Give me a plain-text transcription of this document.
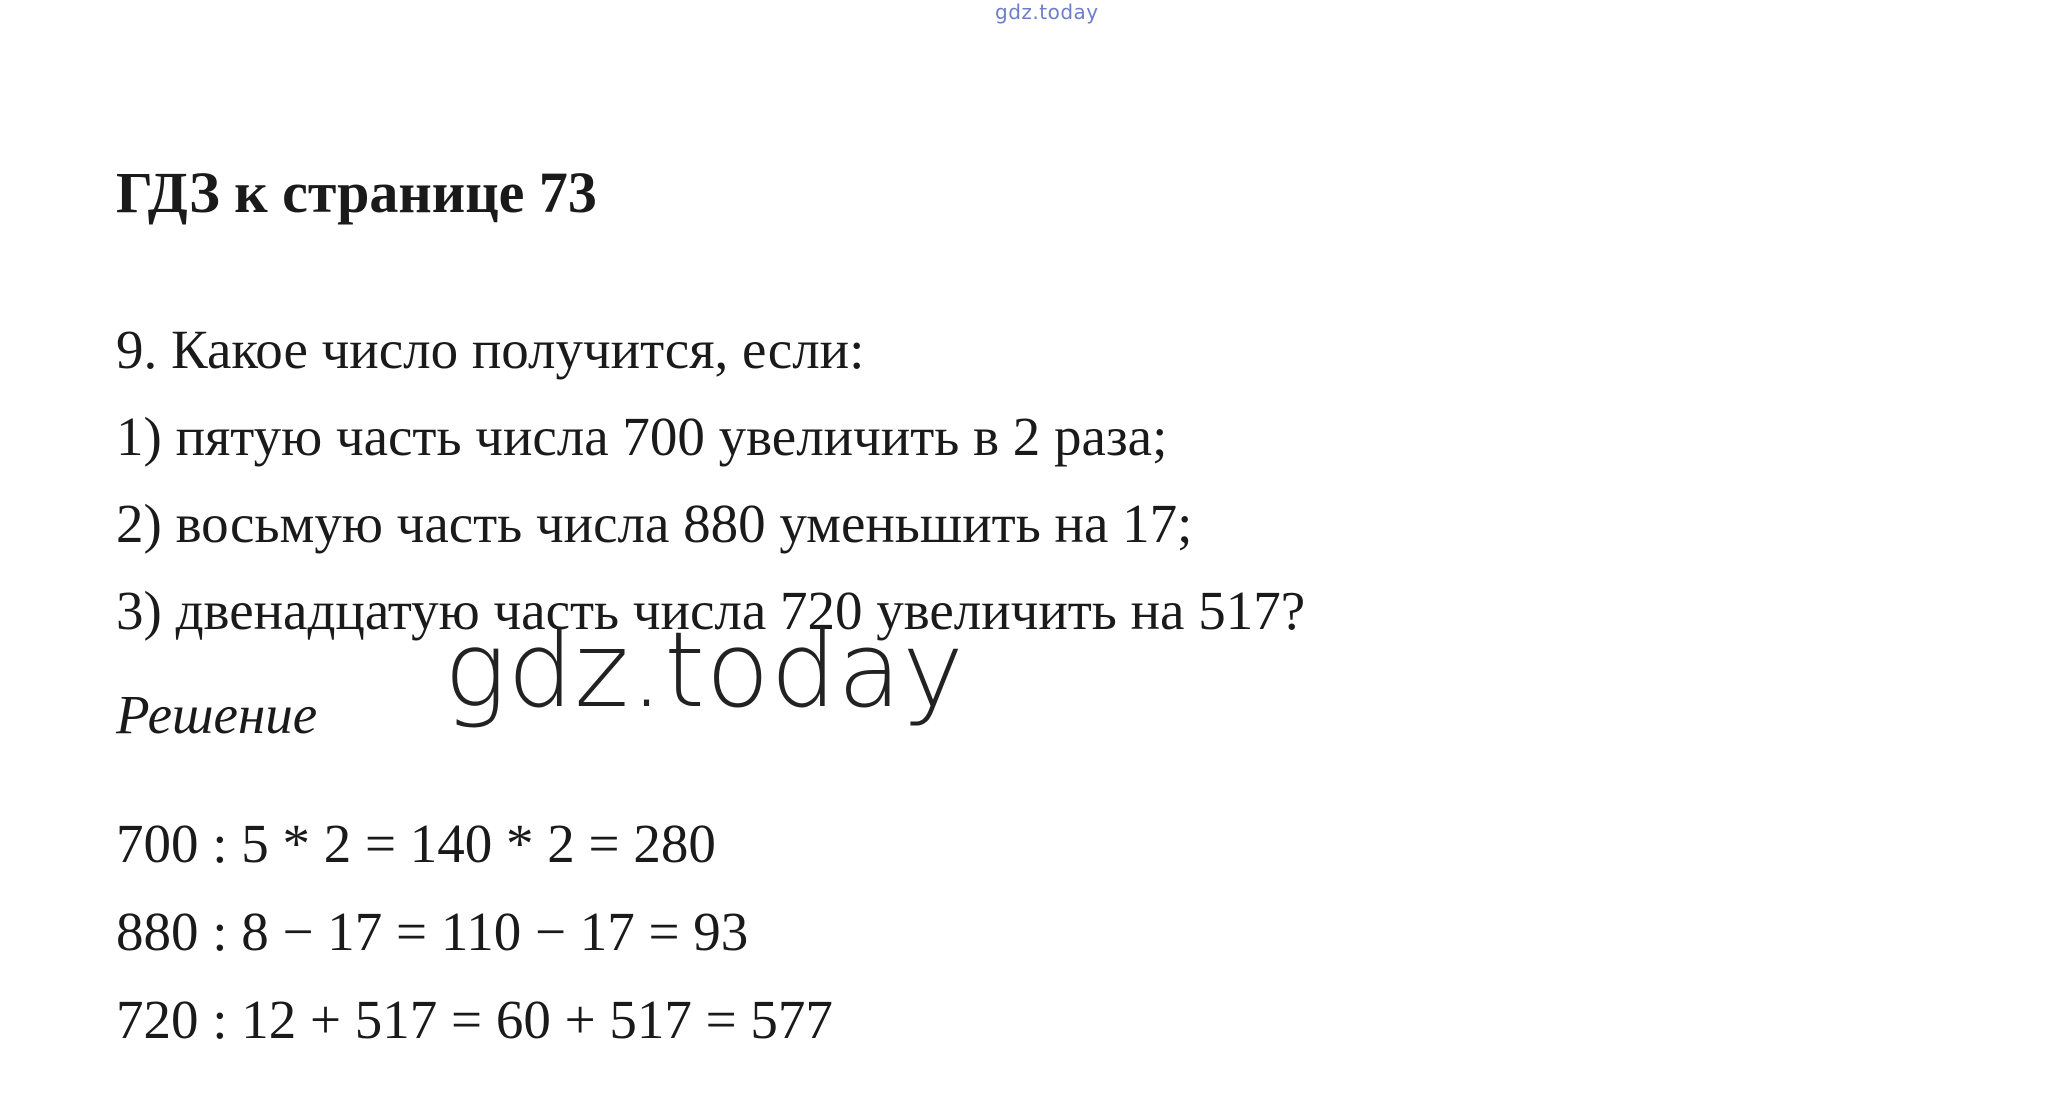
gdz.today
ГДЗ к странице 73
9. Какое число получится, если:
1) пятую часть числа 700 увеличить в 2 раза;
2) восьмую часть числа 880 уменьшить на 17;
3) двенадцатую часть числа 720 увеличить на 517?
Решение gdz.today
700 : 5 * 2 = 140 * 2 = 280
880 : 8 − 17 = 110 − 17 = 93
720 : 12 + 517 = 60 + 517 = 577
